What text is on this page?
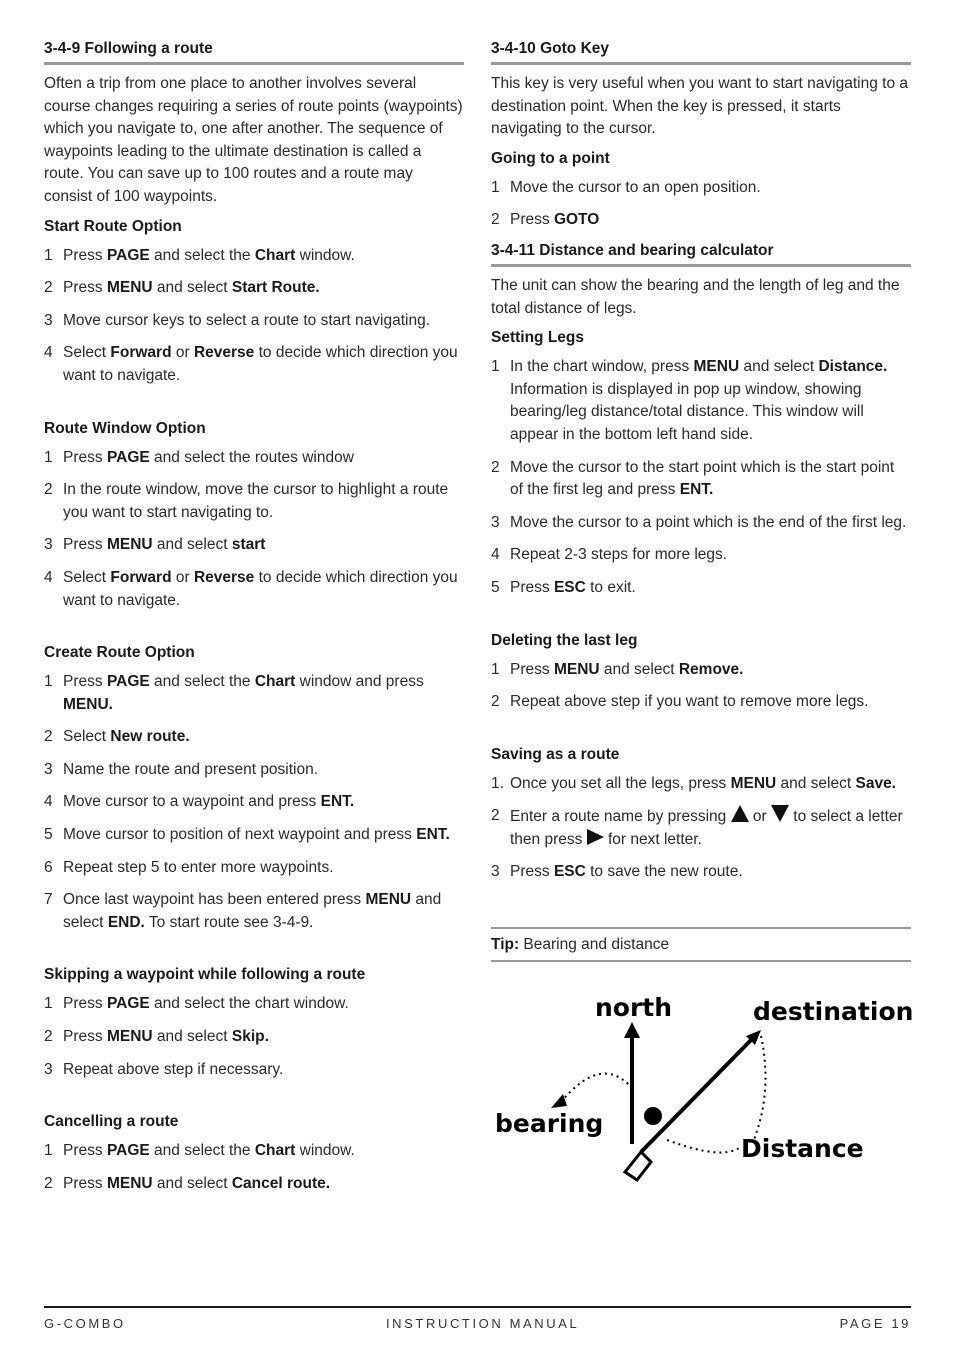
3-4-9 Following a route

Often a trip from one place to another involves several course changes requiring a series of route points (waypoints) which you navigate to, one after another. The sequence of waypoints leading to the ultimate destination is called a route. You can save up to 100 routes and a route may consist of 100 waypoints.

Start Route Option
1 Press PAGE and select the Chart window.
2 Press MENU and select Start Route.
3 Move cursor keys to select a route to start navigating.
4 Select Forward or Reverse to decide which direction you want to navigate.
Route Window Option
1 Press PAGE and select the routes window
2 In the route window, move the cursor to highlight a route you want to start navigating to.
3 Press MENU and select start
4 Select Forward or Reverse to decide which direction you want to navigate.
Create Route Option
1 Press PAGE and select the Chart window and press MENU.
2 Select New route.
3 Name the route and present position.
4 Move cursor to a waypoint and press ENT.
5 Move cursor to position of next waypoint and press ENT.
6 Repeat step 5 to enter more waypoints.
7 Once last waypoint has been entered press MENU and select END. To start route see 3-4-9.
Skipping a waypoint while following a route
1 Press PAGE and select the chart window.
2 Press MENU and select Skip.
3 Repeat above step if necessary.
Cancelling a route
1 Press PAGE and select the Chart window.
2 Press MENU and select Cancel route.
3-4-10 Goto Key

This key is very useful when you want to start navigating to a destination point. When the key is pressed, it starts navigating to the cursor.

Going to a point
1 Move the cursor to an open position.
2 Press GOTO
3-4-11 Distance and bearing calculator

The unit can show the bearing and the length of leg and the total distance of legs.

Setting Legs
1 In the chart window, press MENU and select Distance. Information is displayed in pop up window, showing bearing/leg distance/total distance. This window will appear in the bottom left hand side.
2 Move the cursor to the start point which is the start point of the first leg and press ENT.
3 Move the cursor to a point which is the end of the first leg.
4 Repeat 2-3 steps for more legs.
5 Press ESC to exit.
Deleting the last leg
1 Press MENU and select Remove.
2 Repeat above step if you want to remove more legs.
Saving as a route
1. Once you set all the legs, press MENU and select Save.
2 Enter a route name by pressing  or  to select a letter then press  for next letter.
3 Press ESC to save the new route.
Tip: Bearing and distance
north	destination
bearing
Distance
G-COMBO	INSTRUCTION MANUAL	PAGE 19
